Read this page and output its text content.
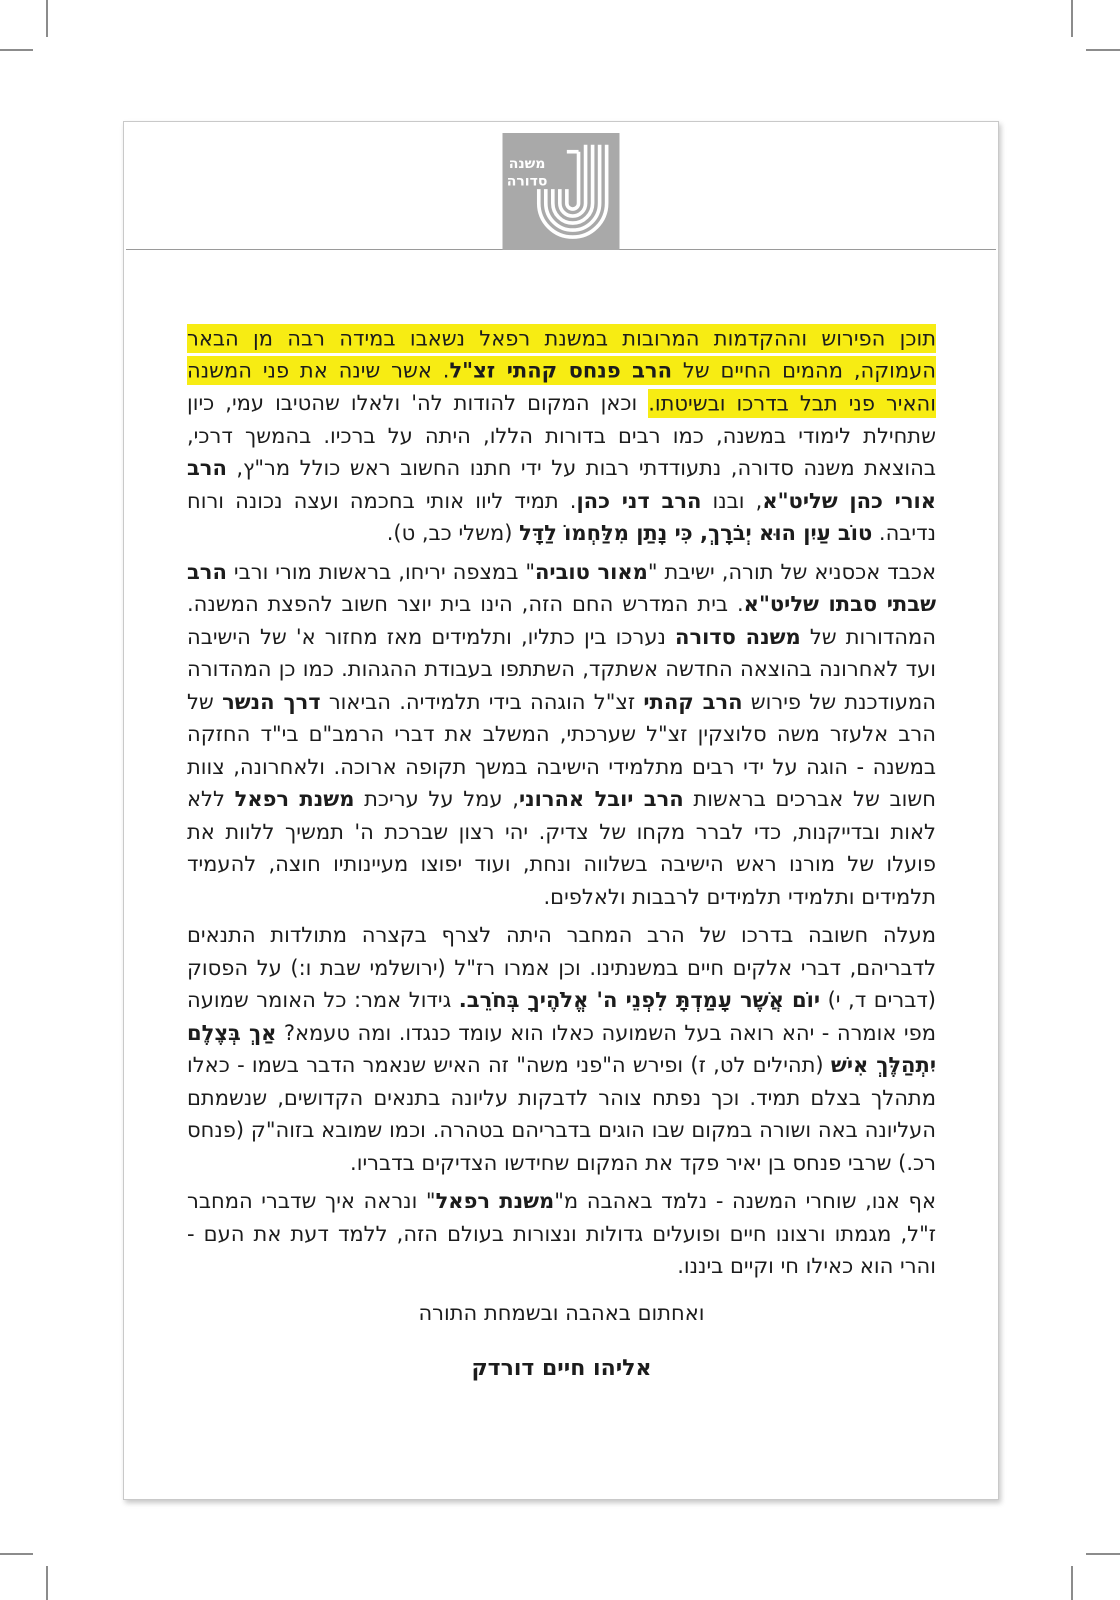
משנה
סדורה

תוכן הפירוש וההקדמות המרובות במשנת רפאל נשאבו במידה רבה מן הבאר העמוקה, מהמים החיים של הרב פנחס קהתי זצ"ל. אשר שינה את פני המשנה והאיר פני תבל בדרכו ובשיטתו. וכאן המקום להודות לה' ולאלו שהטיבו עמי, כיון שתחילת לימודי במשנה, כמו רבים בדורות הללו, היתה על ברכיו. בהמשך דרכי, בהוצאת משנה סדורה, נתעודדתי רבות על ידי חתנו החשוב ראש כולל מר"ץ, הרב אורי כהן שליט"א, ובנו הרב דני כהן. תמיד ליוו אותי בחכמה ועצה נכונה ורוח נדיבה. טוֹב עַיִן הוּא יְבֹרָךְ, כִּי נָתַן מִלַּחְמוֹ לַדָּל (משלי כב, ט).

אכבד אכסניא של תורה, ישיבת "מאור טוביה" במצפה יריחו, בראשות מורי ורבי הרב שבתי סבתו שליט"א. בית המדרש החם הזה, הינו בית יוצר חשוב להפצת המשנה. המהדורות של משנה סדורה נערכו בין כתליו, ותלמידים מאז מחזור א' של הישיבה ועד לאחרונה בהוצאה החדשה אשתקד, השתתפו בעבודת ההגהות. כמו כן המהדורה המעודכנת של פירוש הרב קהתי זצ"ל הוגהה בידי תלמידיה. הביאור דרך הנשר של הרב אלעזר משה סלוצקין זצ"ל שערכתי, המשלב את דברי הרמב"ם בי"ד החזקה במשנה - הוגה על ידי רבים מתלמידי הישיבה במשך תקופה ארוכה. ולאחרונה, צוות חשוב של אברכים בראשות הרב יובל אהרוני, עמל על עריכת משנת רפאל ללא לאות ובדייקנות, כדי לברר מקחו של צדיק. יהי רצון שברכת ה' תמשיך ללוות את פועלו של מורנו ראש הישיבה בשלווה ונחת, ועוד יפוצו מעיינותיו חוצה, להעמיד תלמידים ותלמידי תלמידים לרבבות ולאלפים.

מעלה חשובה בדרכו של הרב המחבר היתה לצרף בקצרה מתולדות התנאים לדבריהם, דברי אלקים חיים במשנתינו. וכן אמרו רז"ל (ירושלמי שבת ו:) על הפסוק (דברים ד, י) יוֹם אֲשֶׁר עָמַדְתָּ לִפְנֵי ה' אֱלֹהֶיךָ בְּחֹרֵב. גידול אמר: כל האומר שמועה מפי אומרה - יהא רואה בעל השמועה כאלו הוא עומד כנגדו. ומה טעמא? אַךְ בְּצֶלֶם יִתְהַלֶּךְ אִישׁ (תהילים לט, ז) ופירש ה"פני משה" זה האיש שנאמר הדבר בשמו - כאלו מתהלך בצלם תמיד. וכך נפתח צוהר לדבקות עליונה בתנאים הקדושים, שנשמתם העליונה באה ושורה במקום שבו הוגים בדבריהם בטהרה. וכמו שמובא בזוה"ק (פנחס רכ.) שרבי פנחס בן יאיר פקד את המקום שחידשו הצדיקים בדבריו.

אף אנו, שוחרי המשנה - נלמד באהבה מ"משנת רפאל" ונראה איך שדברי המחבר ז"ל, מגמתו ורצונו חיים ופועלים גדולות ונצורות בעולם הזה, ללמד דעת את העם - והרי הוא כאילו חי וקיים ביננו.

ואחתום באהבה ובשמחת התורה
אליהו חיים דורדק
